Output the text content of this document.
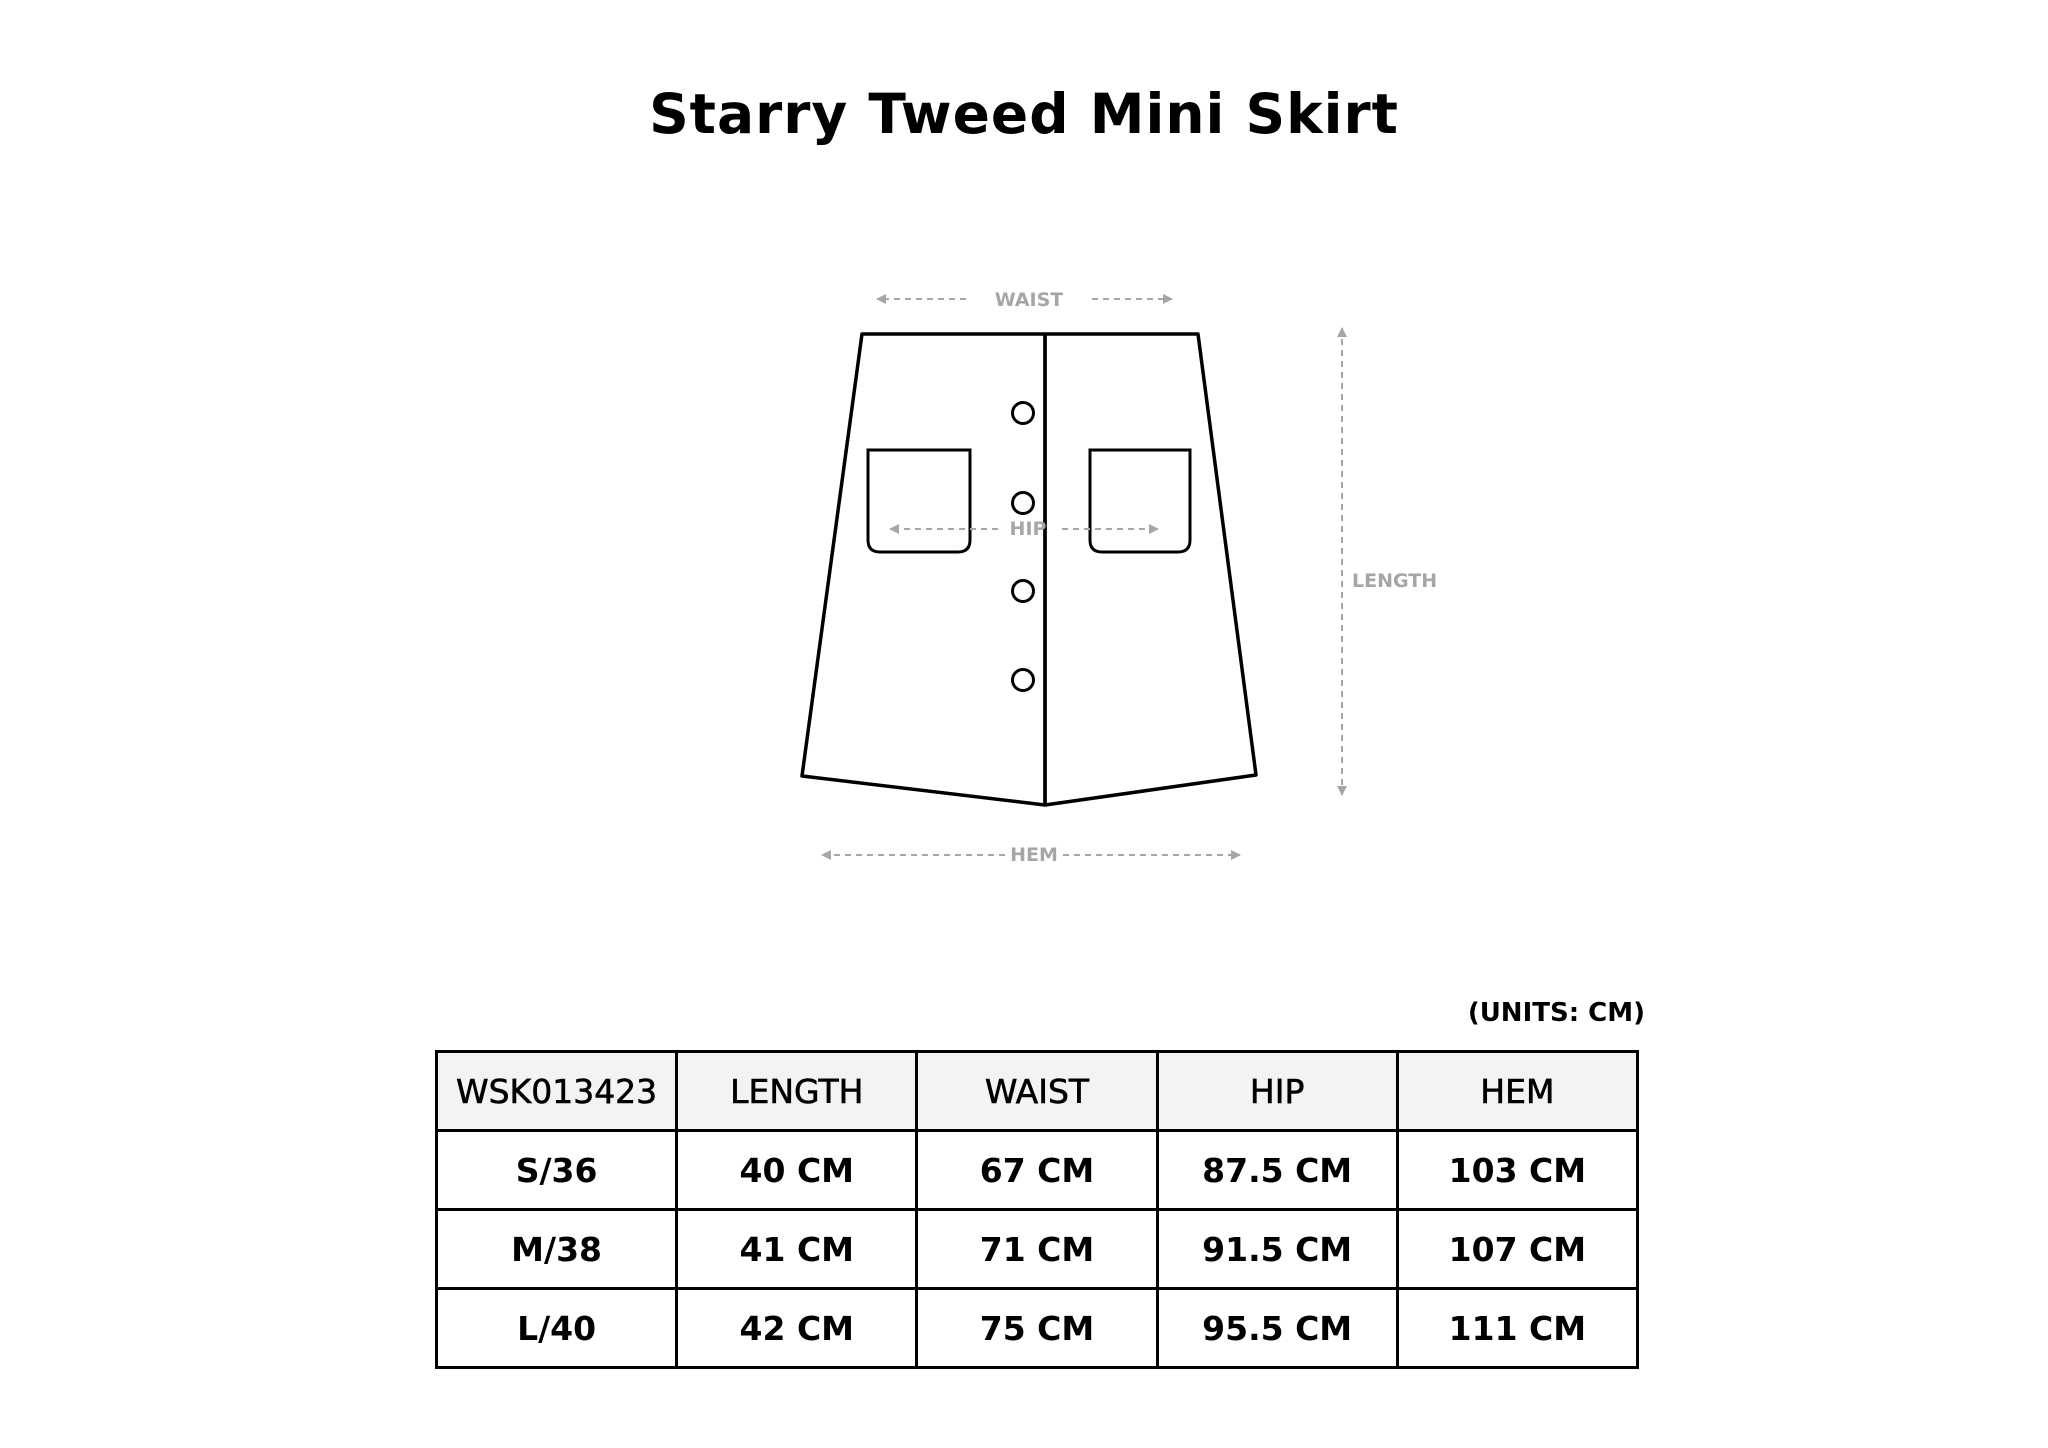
Starry Tweed Mini Skirt
WAIST
HIP
LENGTH
HEM
(UNITS: CM)
WSK013423	LENGTH	WAIST	HIP	HEM
S/36	40 CM	67 CM	87.5 CM	103 CM
M/38	41 CM	71 CM	91.5 CM	107 CM
L/40	42 CM	75 CM	95.5 CM	111 CM
